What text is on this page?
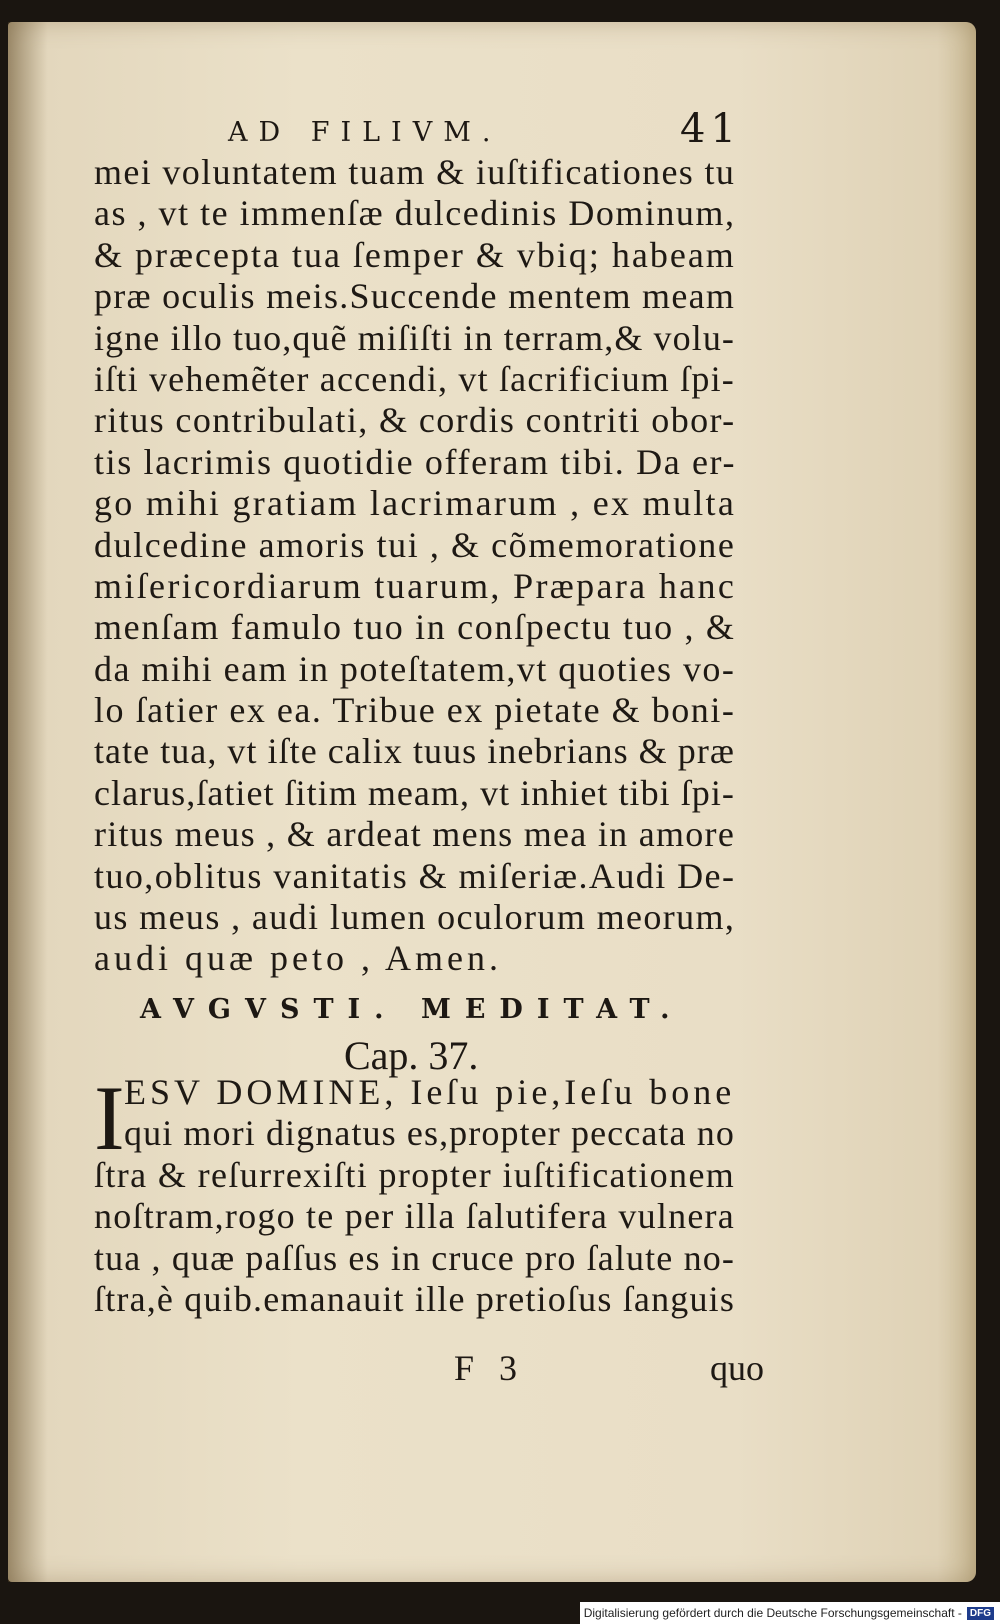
AD FILIVM.	41
mei voluntatem tuam & iuſtificationes tu
as , vt te immenſæ dulcedinis Dominum,
& præcepta tua ſemper & vbiq; habeam
præ oculis meis.Succende mentem meam
igne illo tuo,quẽ miſiſti in terram,& volu-
iſti vehemẽter accendi, vt ſacrificium ſpi-
ritus contribulati, & cordis contriti obor-
tis lacrimis quotidie offeram tibi. Da er-
go mihi gratiam lacrimarum , ex multa
dulcedine amoris tui , & cõmemoratione
miſericordiarum tuarum, Præpara hanc
menſam famulo tuo in conſpectu tuo , &
da mihi eam in poteſtatem,vt quoties vo-
lo ſatier ex ea. Tribue ex pietate & boni-
tate tua, vt iſte calix tuus inebrians & præ
clarus,ſatiet ſitim meam, vt inhiet tibi ſpi-
ritus meus , & ardeat mens mea in amore
tuo,oblitus vanitatis & miſeriæ.Audi De-
us meus , audi lumen oculorum meorum,
audi quæ peto , Amen.
AVGVSTI. MEDITAT.
Cap. 37.
I ESV DOMINE, Ieſu pie,Ieſu bone
qui mori dignatus es,propter peccata no
ſtra & reſurrexiſti propter iuſtificationem
noſtram,rogo te per illa ſalutifera vulnera
tua , quæ paſſus es in cruce pro ſalute no-
ſtra,è quib.emanauit ille pretioſus ſanguis
F 3	quo
Digitalisierung gefördert durch die Deutsche Forschungsgemeinschaft - DFG
